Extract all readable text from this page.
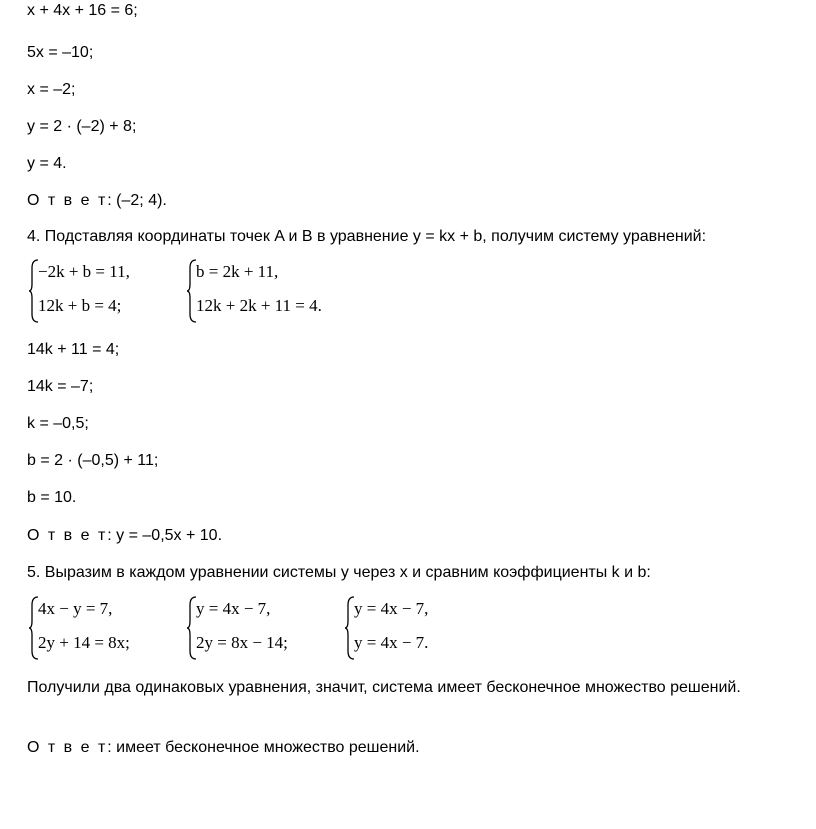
x + 4x + 16 = 6;
5x = –10;
x = –2;
y = 2 · (–2) + 8;
y = 4.
О т в е т: (–2; 4).
4. Подставляя координаты точек A и B в уравнение y = kx + b, получим систему уравнений:
−2k + b = 11,
12k + b = 4;
b = 2k + 11,
12k + 2k + 11 = 4.
14k + 11 = 4;
14k = –7;
k = –0,5;
b = 2 · (–0,5) + 11;
b = 10.
О т в е т: y = –0,5x + 10.
5. Выразим в каждом уравнении системы y через x и сравним коэффициенты k и b:
4x − y = 7,
2y + 14 = 8x;
y = 4x − 7,
2y = 8x − 14;
y = 4x − 7,
y = 4x − 7.
Получили два одинаковых уравнения, значит, система имеет бесконечное множество решений.
О т в е т: имеет бесконечное множество решений.
